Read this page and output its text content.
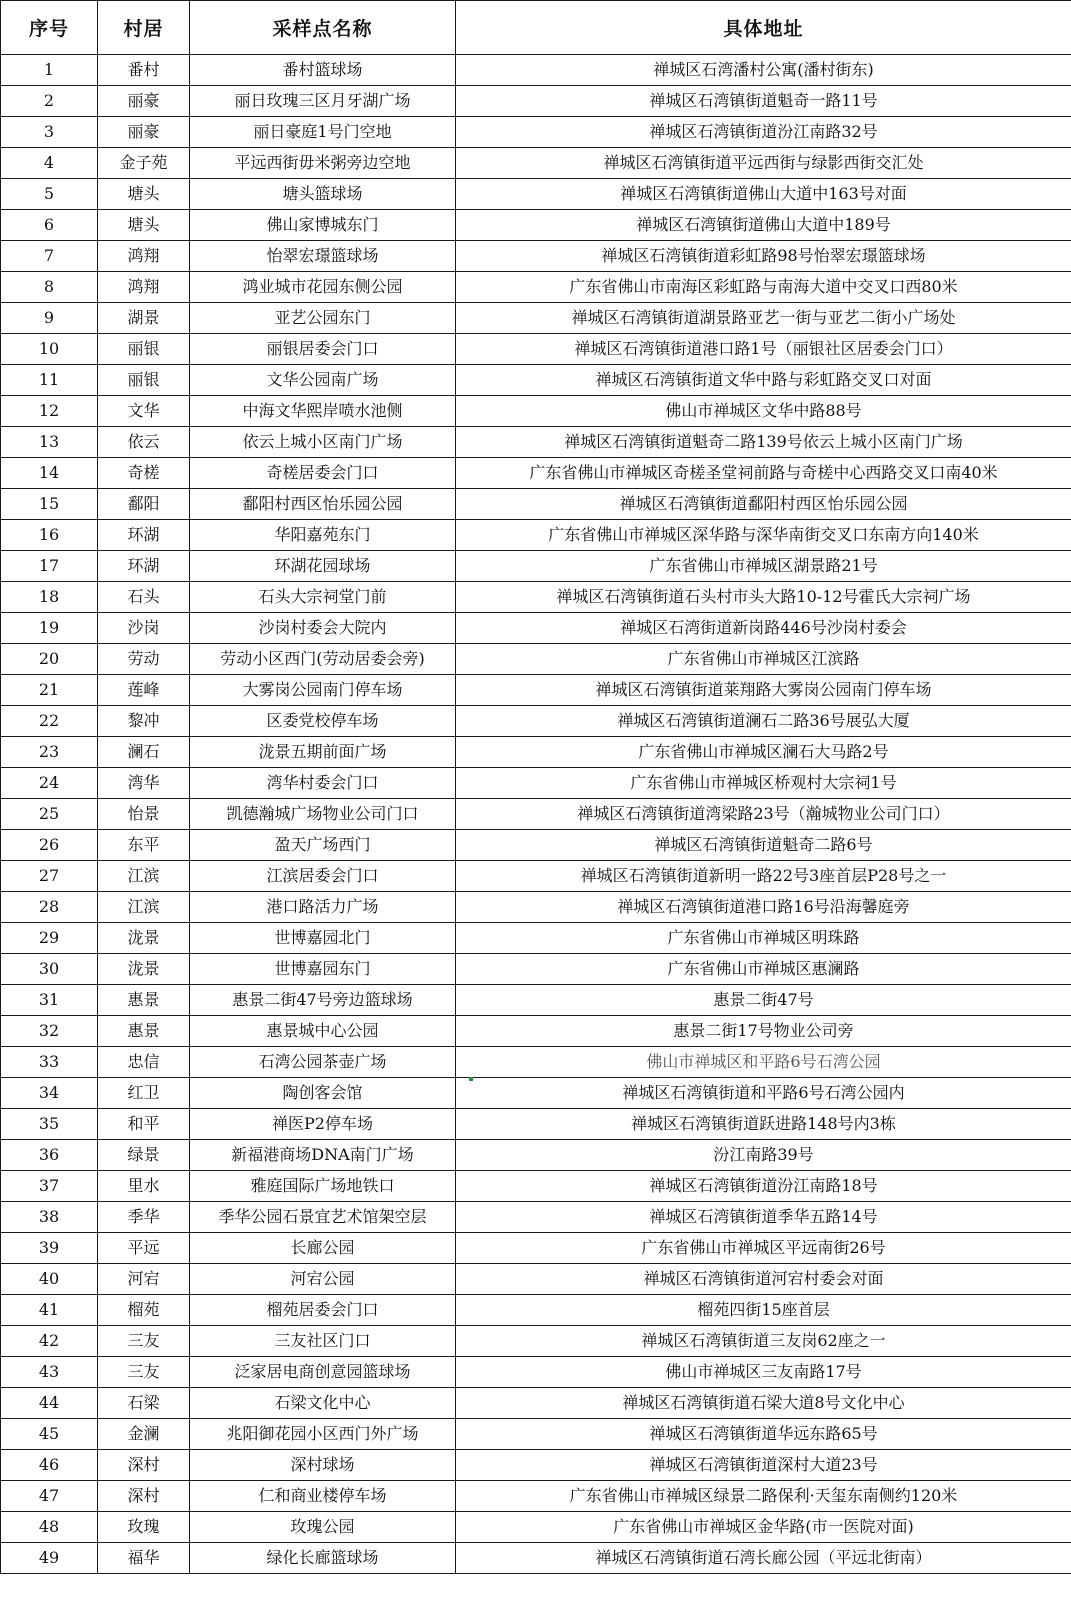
序号	村居	采样点名称	具体地址
1	番村	番村篮球场	禅城区石湾潘村公寓(潘村街东)
2	丽豪	丽日玫瑰三区月牙湖广场	禅城区石湾镇街道魁奇一路11号
3	丽豪	丽日豪庭1号门空地	禅城区石湾镇街道汾江南路32号
4	金子苑	平远西街毋米粥旁边空地	禅城区石湾镇街道平远西街与绿影西街交汇处
5	塘头	塘头篮球场	禅城区石湾镇街道佛山大道中163号对面
6	塘头	佛山家博城东门	禅城区石湾镇街道佛山大道中189号
7	鸿翔	怡翠宏璟篮球场	禅城区石湾镇街道彩虹路98号怡翠宏璟篮球场
8	鸿翔	鸿业城市花园东侧公园	广东省佛山市南海区彩虹路与南海大道中交叉口西80米
9	湖景	亚艺公园东门	禅城区石湾镇街道湖景路亚艺一街与亚艺二街小广场处
10	丽银	丽银居委会门口	禅城区石湾镇街道港口路1号（丽银社区居委会门口）
11	丽银	文华公园南广场	禅城区石湾镇街道文华中路与彩虹路交叉口对面
12	文华	中海文华熙岸喷水池侧	佛山市禅城区文华中路88号
13	依云	依云上城小区南门广场	禅城区石湾镇街道魁奇二路139号依云上城小区南门广场
14	奇槎	奇槎居委会门口	广东省佛山市禅城区奇槎圣堂祠前路与奇槎中心西路交叉口南40米
15	鄱阳	鄱阳村西区怡乐园公园	禅城区石湾镇街道鄱阳村西区怡乐园公园
16	环湖	华阳嘉苑东门	广东省佛山市禅城区深华路与深华南街交叉口东南方向140米
17	环湖	环湖花园球场	广东省佛山市禅城区湖景路21号
18	石头	石头大宗祠堂门前	禅城区石湾镇街道石头村市头大路10-12号霍氏大宗祠广场
19	沙岗	沙岗村委会大院内	禅城区石湾街道新岗路446号沙岗村委会
20	劳动	劳动小区西门(劳动居委会旁)	广东省佛山市禅城区江滨路
21	莲峰	大雾岗公园南门停车场	禅城区石湾镇街道莱翔路大雾岗公园南门停车场
22	黎冲	区委党校停车场	禅城区石湾镇街道澜石二路36号展弘大厦
23	澜石	泷景五期前面广场	广东省佛山市禅城区澜石大马路2号
24	湾华	湾华村委会门口	广东省佛山市禅城区桥观村大宗祠1号
25	怡景	凯德瀚城广场物业公司门口	禅城区石湾镇街道湾梁路23号（瀚城物业公司门口）
26	东平	盈天广场西门	禅城区石湾镇街道魁奇二路6号
27	江滨	江滨居委会门口	禅城区石湾镇街道新明一路22号3座首层P28号之一
28	江滨	港口路活力广场	禅城区石湾镇街道港口路16号沿海馨庭旁
29	泷景	世博嘉园北门	广东省佛山市禅城区明珠路
30	泷景	世博嘉园东门	广东省佛山市禅城区惠澜路
31	惠景	惠景二街47号旁边篮球场	惠景二街47号
32	惠景	惠景城中心公园	惠景二街17号物业公司旁
33	忠信	石湾公园茶壶广场	佛山市禅城区和平路6号石湾公园
34	红卫	陶创客会馆	禅城区石湾镇街道和平路6号石湾公园内
35	和平	禅医P2停车场	禅城区石湾镇街道跃进路148号内3栋
36	绿景	新福港商场DNA南门广场	汾江南路39号
37	里水	雅庭国际广场地铁口	禅城区石湾镇街道汾江南路18号
38	季华	季华公园石景宜艺术馆架空层	禅城区石湾镇街道季华五路14号
39	平远	长廊公园	广东省佛山市禅城区平远南街26号
40	河宕	河宕公园	禅城区石湾镇街道河宕村委会对面
41	榴苑	榴苑居委会门口	榴苑四街15座首层
42	三友	三友社区门口	禅城区石湾镇街道三友岗62座之一
43	三友	泛家居电商创意园篮球场	佛山市禅城区三友南路17号
44	石梁	石梁文化中心	禅城区石湾镇街道石梁大道8号文化中心
45	金澜	兆阳御花园小区西门外广场	禅城区石湾镇街道华远东路65号
46	深村	深村球场	禅城区石湾镇街道深村大道23号
47	深村	仁和商业楼停车场	广东省佛山市禅城区绿景二路保利·天玺东南侧约120米
48	玫瑰	玫瑰公园	广东省佛山市禅城区金华路(市一医院对面)
49	福华	绿化长廊篮球场	禅城区石湾镇街道石湾长廊公园（平远北街南）
